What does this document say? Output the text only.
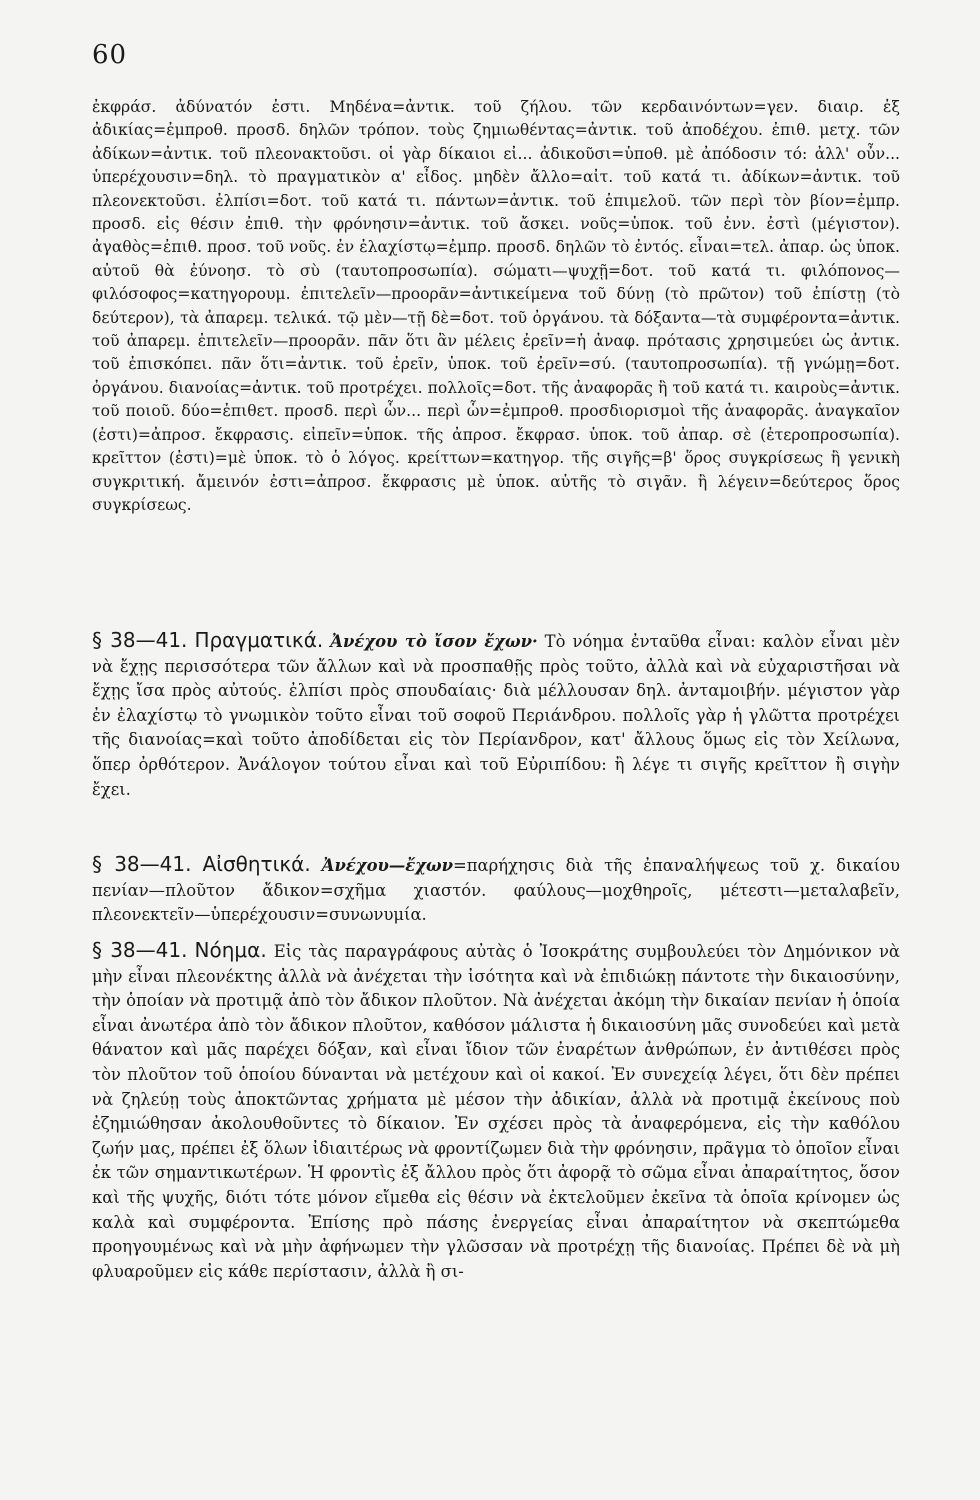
60
ἐκφράσ. ἀδύνατόν ἐστι. Μηδένα=ἀντικ. τοῦ ζήλου. τῶν κερδαινόντων=γεν. διαιρ. ἐξ ἀδικίας=ἐμπροθ. προσδ. δηλῶν τρόπον. τοὺς ζημιωθέντας=ἀντικ. τοῦ ἀποδέχου. ἐπιθ. μετχ. τῶν ἀδίκων=ἀντικ. τοῦ πλεονακτοῦσι. οἱ γὰρ δίκαιοι εἰ... ἀδικοῦσι=ὑποθ. μὲ ἀπόδοσιν τό: ἀλλ' οὖν... ὑπερέχουσιν=δηλ. τὸ πραγματικὸν α' εἶδος. μηδὲν ἄλλο=αἰτ. τοῦ κατά τι. ἀδίκων=ἀντικ. τοῦ πλεονεκτοῦσι. ἐλπίσι=δοτ. τοῦ κατά τι. πάντων=ἀντικ. τοῦ ἐπιμελοῦ. τῶν περὶ τὸν βίον=ἐμπρ. προσδ. εἰς θέσιν ἐπιθ. τὴν φρόνησιν=ἀντικ. τοῦ ἄσκει. νοῦς=ὑποκ. τοῦ ἐνν. ἐστὶ (μέγιστον). ἀγαθὸς=ἐπιθ. προσ. τοῦ νοῦς. ἐν ἐλαχίστῳ=ἐμπρ. προσδ. δηλῶν τὸ ἐντός. εἶναι=τελ. ἀπαρ. ὡς ὑποκ. αὐτοῦ θὰ ἐύνοησ. τὸ σὺ (ταυτοπροσωπία). σώματι—ψυχῇ=δοτ. τοῦ κατά τι. φιλόπονος—φιλόσοφος=κατηγορουμ. ἐπιτελεῖν—προορᾶν=ἀντικείμενα τοῦ δύνῃ (τὸ πρῶτον) τοῦ ἐπίστῃ (τὸ δεύτερον), τὰ ἀπαρεμ. τελικά. τῷ μὲν—τῇ δὲ=δοτ. τοῦ ὀργάνου. τὰ δόξαντα—τὰ συμφέροντα=ἀντικ. τοῦ ἀπαρεμ. ἐπιτελεῖν—προορᾶν. πᾶν ὅτι ἂν μέλεις ἐρεῖν=ἡ ἀναφ. πρότασις χρησιμεύει ὡς ἀντικ. τοῦ ἐπισκόπει. πᾶν ὅτι=ἀντικ. τοῦ ἐρεῖν, ὑποκ. τοῦ ἐρεῖν=σύ. (ταυτοπροσωπία). τῇ γνώμῃ=δοτ. ὀργάνου. διανοίας=ἀντικ. τοῦ προτρέχει. πολλοῖς=δοτ. τῆς ἀναφορᾶς ἢ τοῦ κατά τι. καιροὺς=ἀντικ. τοῦ ποιοῦ. δύο=ἐπιθετ. προσδ. περὶ ὧν... περὶ ὧν=ἐμπροθ. προσδιορισμοὶ τῆς ἀναφορᾶς. ἀναγκαῖον (ἐστι)=ἀπροσ. ἔκφρασις. εἰπεῖν=ὑποκ. τῆς ἀπροσ. ἔκφρασ. ὑποκ. τοῦ ἀπαρ. σὲ (ἑτεροπροσωπία). κρεῖττον (ἐστι)=μὲ ὑποκ. τὸ ὁ λόγος. κρείττων=κατηγορ. τῆς σιγῆς=β' ὅρος συγκρίσεως ἢ γενικὴ συγκριτική. ἄμεινόν ἐστι=ἀπροσ. ἔκφρασις μὲ ὑποκ. αὐτῆς τὸ σιγᾶν. ἢ λέγειν=δεύτερος ὅρος συγκρίσεως.

§ 38—41. Πραγματικά. Ἀνέχου τὸ ἴσον ἔχων· Τὸ νόημα ἐνταῦθα εἶναι: καλὸν εἶναι μὲν νὰ ἔχῃς περισσότερα τῶν ἄλλων καὶ νὰ προσπαθῇς πρὸς τοῦτο, ἀλλὰ καὶ νὰ εὐχαριστῆσαι νὰ ἔχῃς ἴσα πρὸς αὐτούς. ἐλπίσι πρὸς σπουδαίαις· διὰ μέλλουσαν δηλ. ἀνταμοιβήν. μέγιστον γὰρ ἐν ἐλαχίστῳ τὸ γνωμικὸν τοῦτο εἶναι τοῦ σοφοῦ Περιάνδρου. πολλοῖς γὰρ ἡ γλῶττα προτρέχει τῆς διανοίας=καὶ τοῦτο ἀποδίδεται εἰς τὸν Περίανδρον, κατ' ἄλλους ὅμως εἰς τὸν Χείλωνα, ὅπερ ὀρθότερον. Ἀνάλογον τούτου εἶναι καὶ τοῦ Εὐριπίδου: ἢ λέγε τι σιγῆς κρεῖττον ἢ σιγὴν ἔχει.

§ 38—41. Αἰσθητικά. Ἀνέχου—ἔχων=παρήχησις διὰ τῆς ἐπαναλήψεως τοῦ χ. δικαίου πενίαν—πλοῦτον ἄδικον=σχῆμα χιαστόν. φαύλους—μοχθηροῖς, μέτεστι—μεταλαβεῖν, πλεονεκτεῖν—ὑπερέχουσιν=συνωνυμία.

§ 38—41. Νόημα. Εἰς τὰς παραγράφους αὐτὰς ὁ Ἰσοκράτης συμβουλεύει τὸν Δημόνικον νὰ μὴν εἶναι πλεονέκτης ἀλλὰ νὰ ἀνέχεται τὴν ἰσότητα καὶ νὰ ἐπιδιώκῃ πάντοτε τὴν δικαιοσύνην, τὴν ὁποίαν νὰ προτιμᾷ ἀπὸ τὸν ἄδικον πλοῦτον. Νὰ ἀνέχεται ἀκόμη τὴν δικαίαν πενίαν ἡ ὁποία εἶναι ἀνωτέρα ἀπὸ τὸν ἄδικον πλοῦτον, καθόσον μάλιστα ἡ δικαιοσύνη μᾶς συνοδεύει καὶ μετὰ θάνατον καὶ μᾶς παρέχει δόξαν, καὶ εἶναι ἴδιον τῶν ἐναρέτων ἀνθρώπων, ἐν ἀντιθέσει πρὸς τὸν πλοῦτον τοῦ ὁποίου δύνανται νὰ μετέχουν καὶ οἱ κακοί. Ἐν συνεχείᾳ λέγει, ὅτι δὲν πρέπει νὰ ζηλεύῃ τοὺς ἀποκτῶντας χρήματα μὲ μέσον τὴν ἀδικίαν, ἀλλὰ νὰ προτιμᾷ ἐκείνους ποὺ ἐζημιώθησαν ἀκολουθοῦντες τὸ δίκαιον. Ἐν σχέσει πρὸς τὰ ἀναφερόμενα, εἰς τὴν καθόλου ζωήν μας, πρέπει ἐξ ὅλων ἰδιαιτέρως νὰ φροντίζωμεν διὰ τὴν φρόνησιν, πρᾶγμα τὸ ὁποῖον εἶναι ἐκ τῶν σημαντικωτέρων. Ἡ φροντὶς ἐξ ἄλλου πρὸς ὅτι ἀφορᾷ τὸ σῶμα εἶναι ἀπαραίτητος, ὅσον καὶ τῆς ψυχῆς, διότι τότε μόνον εἴμεθα εἰς θέσιν νὰ ἐκτελοῦμεν ἐκεῖνα τὰ ὁποῖα κρίνομεν ὡς καλὰ καὶ συμφέροντα. Ἐπίσης πρὸ πάσης ἐνεργείας εἶναι ἀπαραίτητον νὰ σκεπτώμεθα προηγουμένως καὶ νὰ μὴν ἀφήνωμεν τὴν γλῶσσαν νὰ προτρέχῃ τῆς διανοίας. Πρέπει δὲ νὰ μὴ φλυαροῦμεν εἰς κάθε περίστασιν, ἀλλὰ ἢ σι-
